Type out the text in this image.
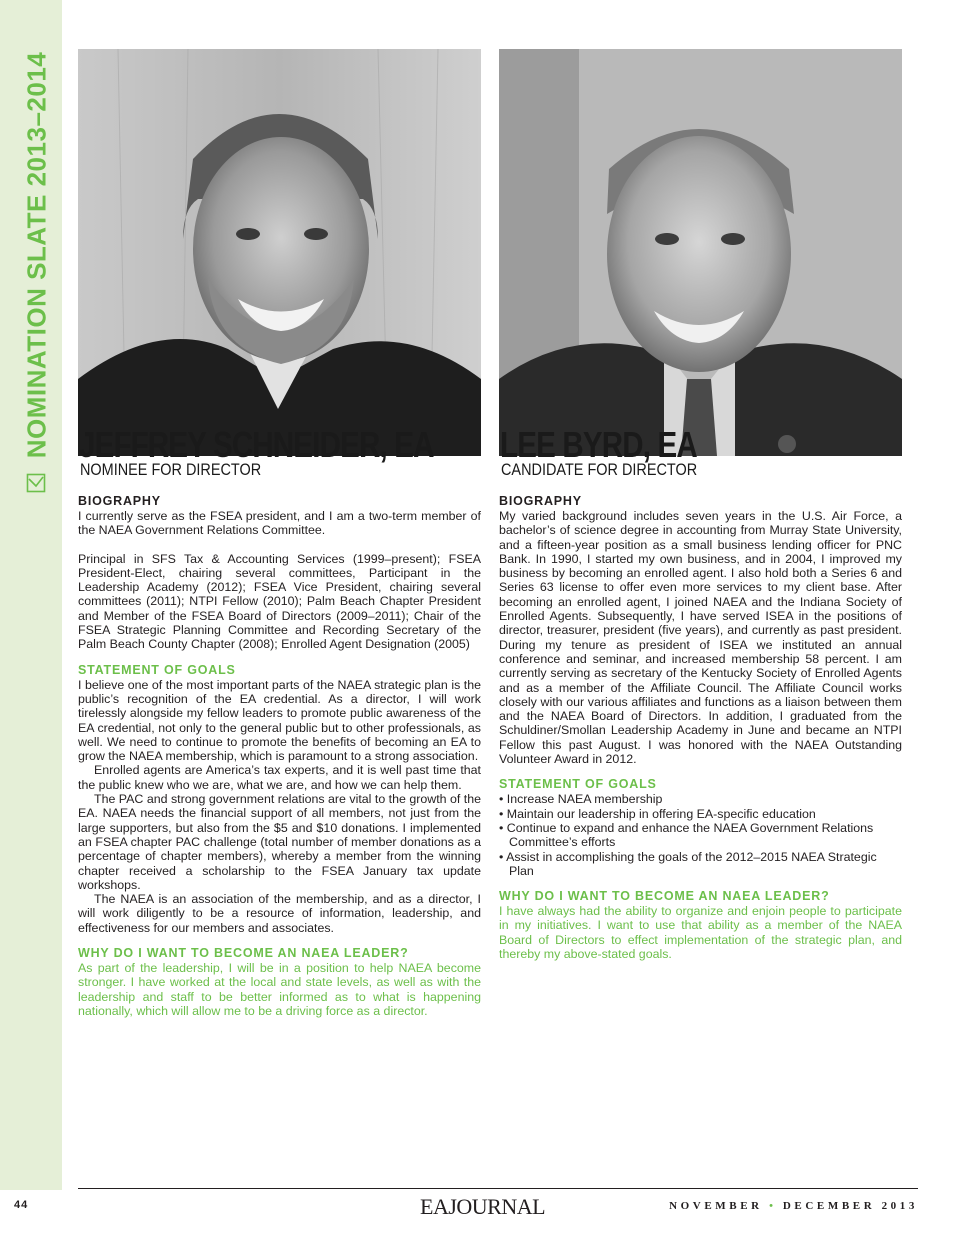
NOMINATION SLATE 2013–2014 JEFFREY SCHNEIDER, EA
NOMINEE FOR DIRECTOR
LEE BYRD, EA
CANDIDATE FOR DIRECTOR
BIOGRAPHY

I currently serve as the FSEA president, and I am a two-term member of the NAEA Government Relations Committee.

Principal in SFS Tax & Accounting Services (1999–present); FSEA President-Elect, chairing several committees, Participant in the Leadership Academy (2012); FSEA Vice President, chairing several committees (2011); NTPI Fellow (2010); Palm Beach Chapter President and Member of the FSEA Board of Directors (2009–2011); Chair of the FSEA Strategic Planning Committee and Recording Secretary of the Palm Beach County Chapter (2008); Enrolled Agent Designation (2005)

STATEMENT OF GOALS

I believe one of the most important parts of the NAEA strategic plan is the public’s recognition of the EA credential. As a director, I will work tirelessly alongside my fellow leaders to promote public awareness of the EA credential, not only to the general public but to other professionals, as well. We need to continue to promote the benefits of becoming an EA to grow the NAEA membership, which is paramount to a strong association.

Enrolled agents are America’s tax experts, and it is well past time that the public knew who we are, what we are, and how we can help them.

The PAC and strong government relations are vital to the growth of the EA. NAEA needs the financial support of all members, not just from the large supporters, but also from the $5 and $10 donations. I implemented an FSEA chapter PAC challenge (total number of member donations as a percentage of chapter members), whereby a member from the winning chapter received a scholarship to the FSEA January tax update workshops.

The NAEA is an association of the membership, and as a director, I will work diligently to be a resource of information, leadership, and effectiveness for our members and associates.

WHY DO I WANT TO BECOME AN NAEA LEADER?

As part of the leadership, I will be in a position to help NAEA become stronger. I have worked at the local and state levels, as well as with the leadership and staff to be better informed as to what is happening nationally, which will allow me to be a driving force as a director.

BIOGRAPHY

My varied background includes seven years in the U.S. Air Force, a bachelor’s of science degree in accounting from Murray State University, and a fifteen-year position as a small business lending officer for PNC Bank. In 1990, I started my own business, and in 2004, I improved my business by becoming an enrolled agent. I also hold both a Series 6 and Series 63 license to offer even more services to my client base. After becoming an enrolled agent, I joined NAEA and the Indiana Society of Enrolled Agents. Subsequently, I have served ISEA in the positions of director, treasurer, president (five years), and currently as past president. During my tenure as president of ISEA we instituted an annual conference and seminar, and increased membership 58 percent. I am currently serving as secretary of the Kentucky Society of Enrolled Agents and as a member of the Affiliate Council. The Affiliate Council works closely with our various affiliates and functions as a liaison between them and the NAEA Board of Directors. In addition, I graduated from the Schuldiner/Smollan Leadership Academy in June and became an NTPI Fellow this past August. I was honored with the NAEA Outstanding Volunteer Award in 2012.

STATEMENT OF GOALS
• Increase NAEA membership
• Maintain our leadership in offering EA-specific education
• Continue to expand and enhance the NAEA Government Relations Committee’s efforts
• Assist in accomplishing the goals of the 2012–2015 NAEA Strategic Plan
WHY DO I WANT TO BECOME AN NAEA LEADER?

I have always had the ability to organize and enjoin people to participate in my initiatives. I want to use that ability as a member of the NAEA Board of Directors to effect implementation of the strategic plan, and thereby my above-stated goals.

44	EAJOURNAL	NOVEMBER • DECEMBER 2013
